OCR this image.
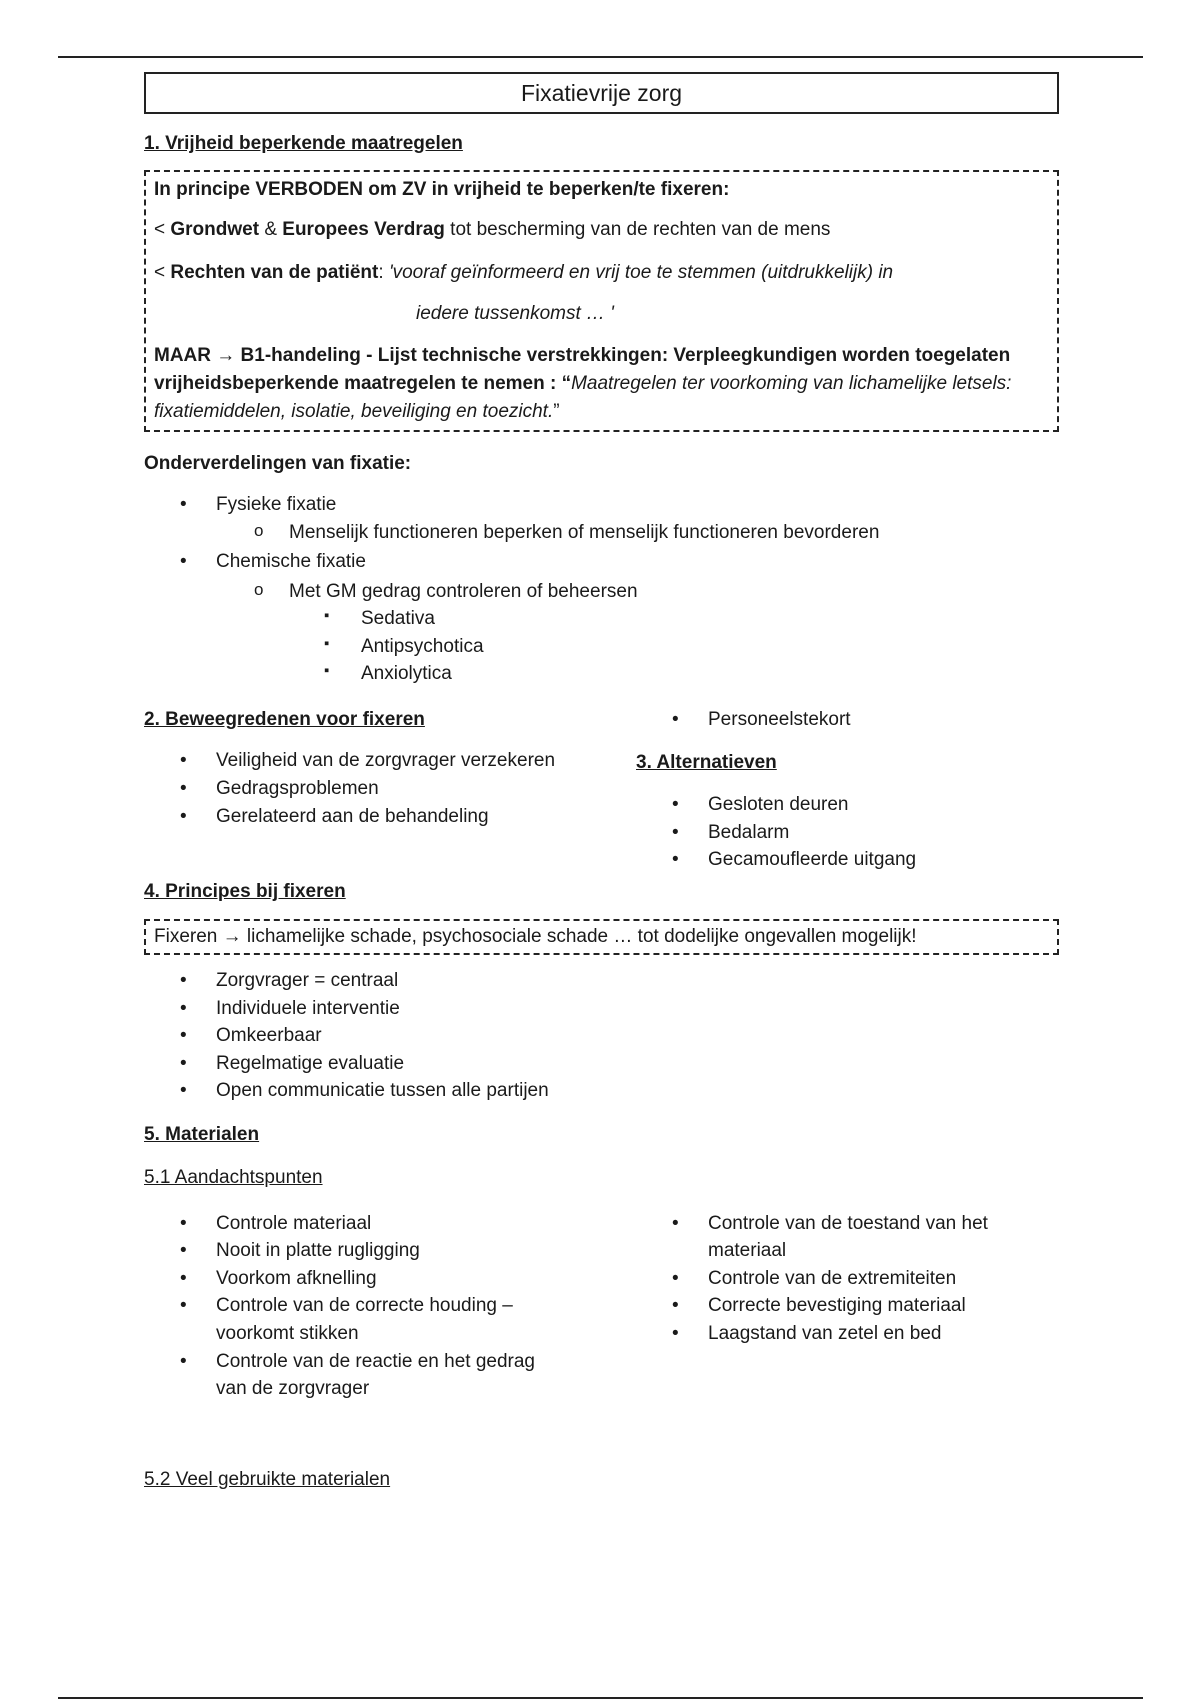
Fixatievrije zorg
1. Vrijheid beperkende maatregelen

In principe VERBODEN om ZV in vrijheid te beperken/te fixeren:

< Grondwet & Europees Verdrag tot bescherming van de rechten van de mens

< Rechten van de patiënt: 'vooraf geïnformeerd en vrij toe te stemmen (uitdrukkelijk) in

iedere tussenkomst … '

MAAR → B1-handeling - Lijst technische verstrekkingen: Verpleegkundigen worden toegelaten vrijheidsbeperkende maatregelen te nemen : “Maatregelen ter voorkoming van lichamelijke letsels: fixatiemiddelen, isolatie, beveiliging en toezicht.”

Onderverdelingen van fixatie:
• Fysieke fixatie
o Menselijk functioneren beperken of menselijk functioneren bevorderen
• Chemische fixatie
o Met GM gedrag controleren of beheersen
▪ Sedativa
▪ Antipsychotica
▪ Anxiolytica
2. Beweegredenen voor fixeren
• Veiligheid van de zorgvrager verzekeren
• Gedragsproblemen
• Gerelateerd aan de behandeling
• Personeelstekort
3. Alternatieven
• Gesloten deuren
• Bedalarm
• Gecamoufleerde uitgang
4. Principes bij fixeren

Fixeren → lichamelijke schade, psychosociale schade … tot dodelijke ongevallen mogelijk!

• Zorgvrager = centraal
• Individuele interventie
• Omkeerbaar
• Regelmatige evaluatie
• Open communicatie tussen alle partijen
5. Materialen
5.1 Aandachtspunten
• Controle materiaal
• Nooit in platte rugligging
• Voorkom afknelling
• Controle van de correcte houding – voorkomt stikken
• Controle van de reactie en het gedrag van de zorgvrager
• Controle van de toestand van het materiaal
• Controle van de extremiteiten
• Correcte bevestiging materiaal
• Laagstand van zetel en bed
5.2 Veel gebruikte materialen
